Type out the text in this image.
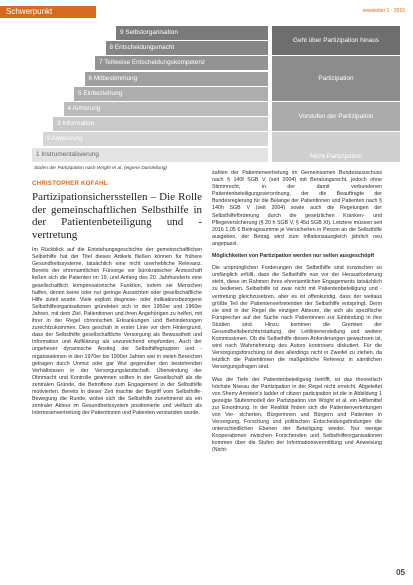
Schwerpunkt	newsletter 1 · 2015
9 Selbstorganisation
8 Entscheidungsmacht
7 Teilweise Entscheidungskompetenz
6 Mitbestimmung
5 Einbeziehung
4 Anhörung
3 Information
2 Anweisung
1 Instrumentalisierung
Geht über Partizipation hinaus
Partizipation
Vorstufen der Partizipation
Nicht-Partizipation
Stufen der Partizipation nach Wright et al. (eigene Darstellung)
CHRISTOPHER KOFAHL
Partizipationsichersstellen – Die Rolle der gemeinschaftlichen Selbsthilfe in der Patientenbeteiligung und -vertretung

Im Rückblick auf die Entstehungsgeschichte der gemeinschaftlichen Selbsthilfe hat der Titel dieses Artikels fließen können für frühere Gesundheitssysteme, tatsächlich eine nicht unerhebliche Relevanz. Bereits der ehrenamtlichen Fürsorge vor bürokratischer Ärzteschaft ließen sich die Patienten im 19. und Anfang des 20. Jahrhunderts eine gesellschaftlich kompensatorische Funktion, indem sie Menschen halfen, denen keine oder nur geringe Aussichten oder gesellschaftliche Hilfe zuteil wurde. Viele explizit diagnose- oder indikationsbezogene Selbsthilfeorganisationen gründeten sich in den 1950er und 1960er Jahren, mit dem Ziel, Patientinnen und ihren Angehörigen zu helfen, mit ihrer in der Regel chronischen Erkrankungen und Behinderungen zurechtzukommen. Dies geschah in erster Linie vor dem Hintergrund, dass der Selbsthilfe gesellschaftliche Versorgung als Bewusstheit und Information und Aufklärung als unzureichend empfunden. Auch der ungeheuer dynamische Anstieg der Selbsthilfegruppen und -organisationen in den 1970er bis 1990er Jahren war in vielen Bereichen getragen durch Unmut oder gar Wut gegenüber den bestehenden Verhältnissen in der Versorgungslandschaft. Überwindung der Ohnmacht und Kontrolle gewinnen sollten in der Gesellschaft als die zentralen Gründe, die Betroffene zum Engagement in der Selbsthilfe motivierten. Bereits in dieser Zeit machte der Begriff vom Selbsthilfe-Bewegung die Runde, wobei sich die Selbsthilfe zunehmend als ein zentraler Akteur im Gesundheitssystem positionierte und vielfach als Interessenvertretung der Patientinnen und Patienten verstanden wurde.

zahlen der Patientenvertretung im Gemeinsamen Bundesausschuss nach § 140f SGB V (seit 2004) mit Beratungsrecht, jedoch ohne Stimmrecht, in der damit verbundenen Patientenbeteiligungsverordnung, der die Beauftragte der Bundesregierung für die Belange der Patientinnen und Patienten nach § 140h SGB V (seit 2004) sowie auch die Regelungen der Selbsthilfeförderung durch die gesetzlichen Kranken- und Pflegeversicherung (§ 20 h SGB V, § 45d SGB XI). Letztere müssen seit 2016 1,05 € Beitragssumme je Versicherten in Person an die Selbsthilfe ausgeben, der Betrag wird zum Inflationsausgleich jährlich neu angepasst.

Möglichkeiten von Partizipation werden nur selten ausgeschöpft

Die ursprünglichen Forderungen der Selbsthilfe sind inzwischen so umfänglich erfüllt, dass die Selbsthilfe nun vor der Herausforderung steht, diese im Rahmen ihres ehrenamtlichen Engagements tatsächlich zu bedienen. Selbsthilfe ist zwar nicht mit Patientenbeteiligung und -vertretung gleichzusetzen, aber es ist offenkundig, dass der weitaus größte Teil der Patientenvertretenden der Selbsthilfe entspringt. Denn sie sind in der Regel die einzigen Akteure, die sich als spezifische Fürsprecher auf der Suche nach Patientinnen zur Einbindung in ihre Studien sind. Hinzu kommen die Gremien der Gesundheitsberichterstattung, der Leitlinienerstellung und weitere Kommissionen. Ob die Selbsthilfe diesen Anforderungen gewachsen ist, wird nach Wahrnehmung des Autors kontrovers diskutiert. Für die Versorgungsforschung ist dies allerdings nicht in Zweifel zu ziehen, da letztlich die Patientinnen die maßgebliche Referenz in sämtlichen Versorgungsfragen sind.

Was die Tiefe der Patientenbeteiligung betrifft, ist das theoretisch höchste Niveau der Partizipation in der Regel nicht erreicht. Abgeleitet von Sherry Arnstein's ladder of citizen participation ist die in Abbildung 1 gezeigte Stufenmodell der Partizipation von Wright et al. ein Hilfsmittel zur Einordnung. In der Realität finden sich die Patientenvertretungen von Ver- sicherten, Bürgerinnen und Bürgern und Patienten in Versorgung, Forschung und politischen Entscheidungsfindungen die unterschiedlichen Ebenen der Beteiligung wieder. Nur wenige Kooperationen zwischen Forschenden und Selbsthilfeorganisationen kommen über die Stufen der Informationsvermittlung und Anweisung (Nicht-

05
